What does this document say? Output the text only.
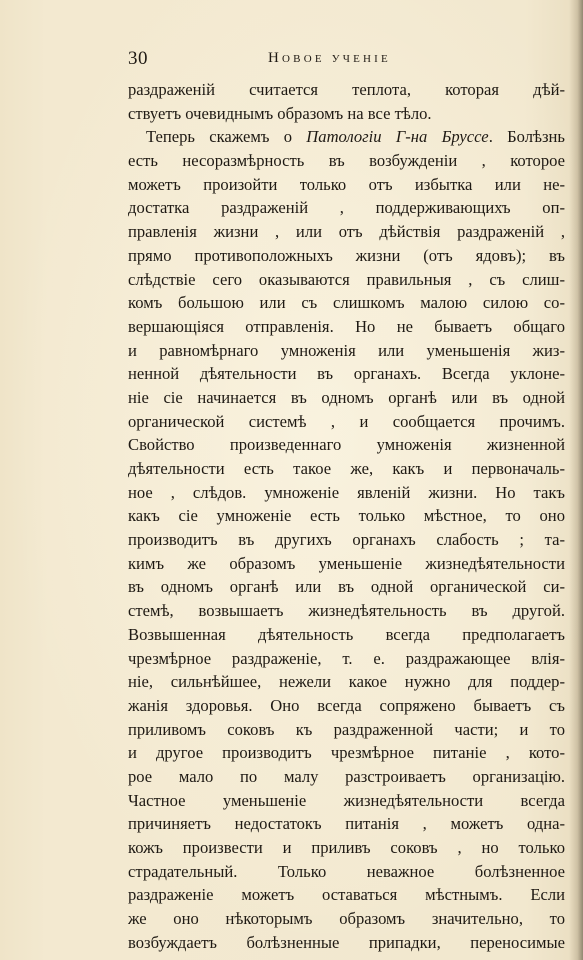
30	Новое ученіе
раздраженій считается теплота, которая дѣй-
ствуетъ очевиднымъ образомъ на все тѣло.
Теперь скажемъ о Патологіи Г-на Бруссе. Болѣзнь
есть несоразмѣрность въ возбужденіи , которое
можетъ произойти только отъ избытка или не-
достатка раздраженій , поддерживающихъ оп-
правленія жизни , или отъ дѣйствія раздраженій ,
прямо противоположныхъ жизни (отъ ядовъ); въ
слѣдствіе сего оказываются правильныя , съ слиш-
комъ большою или съ слишкомъ малою силою со-
вершающіяся отправленія. Но не бываетъ общаго
и равномѣрнаго умноженія или уменьшенія жиз-
ненной дѣятельности въ органахъ. Всегда уклоне-
ніе сіе начинается въ одномъ органѣ или въ одной
органической системѣ , и сообщается прочимъ.
Свойство произведеннаго умноженія жизненной
дѣятельности есть такое же, какъ и первоначаль-
ное , слѣдов. умноженіе явленій жизни. Но такъ
какъ сіе умноженіе есть только мѣстное, то оно
производитъ въ другихъ органахъ слабость ; та-
кимъ же образомъ уменьшеніе жизнедѣятельности
въ одномъ органѣ или въ одной органической си-
стемѣ, возвышаетъ жизнедѣятельность въ другой.
Возвышенная дѣятельность всегда предполагаетъ
чрезмѣрное раздраженіе, т. е. раздражающее влія-
ніе, сильнѣйшее, нежели какое нужно для поддер-
жанія здоровья. Оно всегда сопряжено бываетъ съ
приливомъ соковъ къ раздраженной части; и то
и другое производитъ чрезмѣрное питаніе , кото-
рое мало по малу разстроиваетъ организацію.
Частное уменьшеніе жизнедѣятельности всегда
причиняетъ недостатокъ питанія , можетъ одна-
кожъ произвести и приливъ соковъ , но только
страдательный. Только неважное болѣзненное
раздраженіе можетъ оставаться мѣстнымъ. Если
же оно нѣкоторымъ образомъ значительно, то
возбуждаетъ болѣзненные припадки, переносимые
